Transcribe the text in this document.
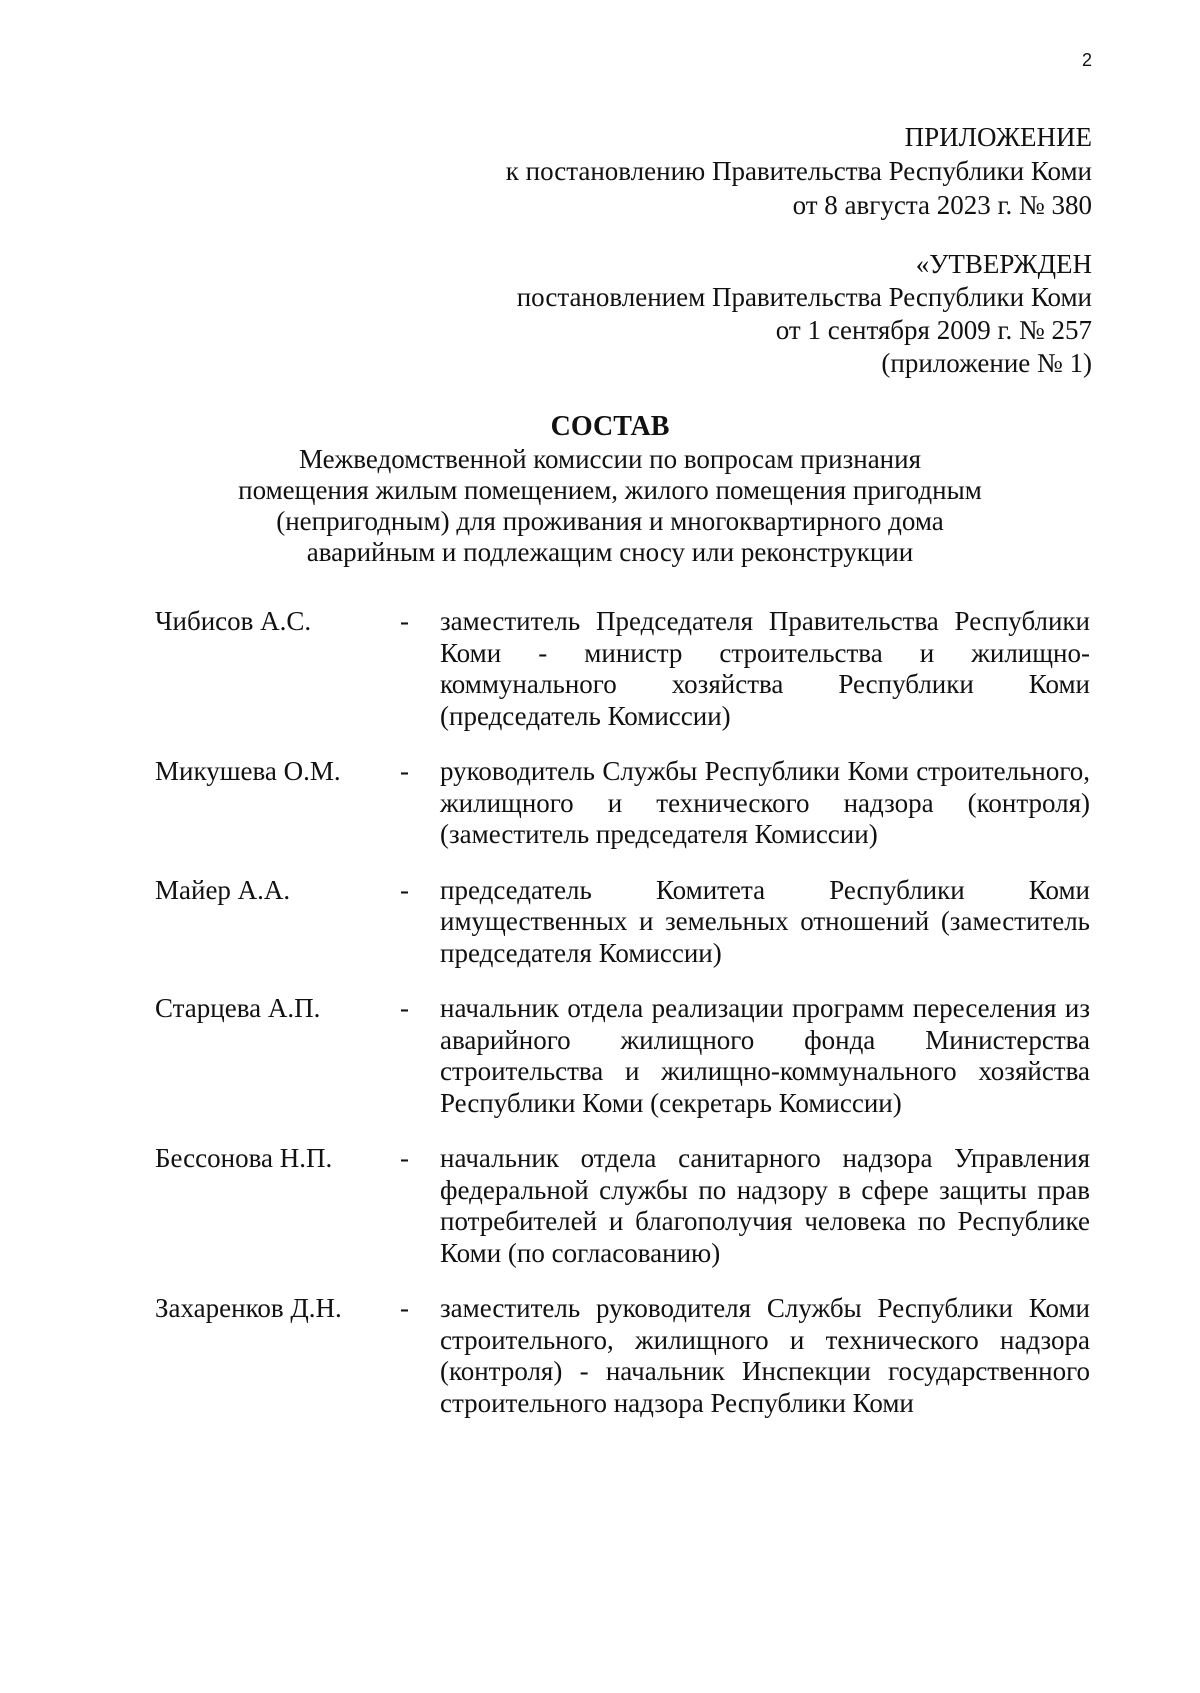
2
ПРИЛОЖЕНИЕ
к постановлению Правительства Республики Коми
от 8 августа 2023 г. № 380
«УТВЕРЖДЕН
постановлением Правительства Республики Коми
от 1 сентября 2009 г. № 257
(приложение № 1)

СОСТАВ

Межведомственной комиссии по вопросам признания

помещения жилым помещением, жилого помещения пригодным

(непригодным) для проживания и многоквартирного дома

аварийным и подлежащим сносу или реконструкции

Чибисов А.С.	-	заместитель Председателя Правительства Республики Коми - министр строительства и жилищно-коммунального хозяйства Республики Коми (председатель Комиссии)
Микушева О.М.	-	руководитель Службы Республики Коми строительного, жилищного и технического надзора (контроля) (заместитель председателя Комиссии)
Майер А.А.	-	председатель Комитета Республики Коми имущественных и земельных отношений (заместитель председателя Комиссии)
Старцева А.П.	-	начальник отдела реализации программ переселения из аварийного жилищного фонда Министерства строительства и жилищно-коммунального хозяйства Республики Коми (секретарь Комиссии)
Бессонова Н.П.	-	начальник отдела санитарного надзора Управления федеральной службы по надзору в сфере защиты прав потребителей и благополучия человека по Республике Коми (по согласованию)
Захаренков Д.Н.	-	заместитель руководителя Службы Республики Коми строительного, жилищного и технического надзора (контроля) - начальник Инспекции государственного строительного надзора Республики Коми
